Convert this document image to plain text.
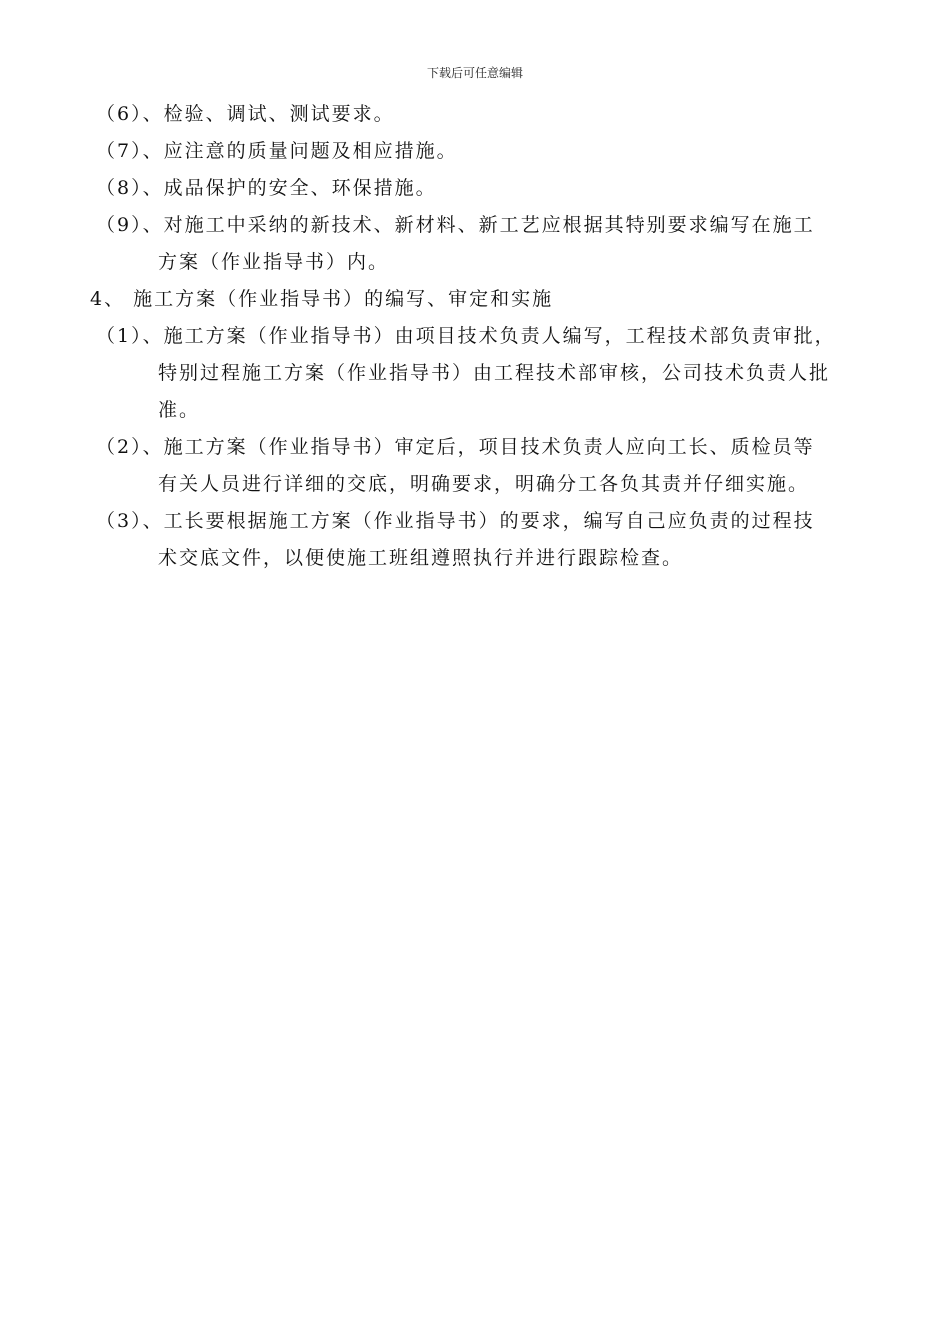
下载后可任意编辑
（6）、检验、调试、测试要求。
（7）、应注意的质量问题及相应措施。
（8）、成品保护的安全、环保措施。
（9）、对施工中采纳的新技术、新材料、新工艺应根据其特别要求编写在施工
方案（作业指导书）内。
4、 施工方案（作业指导书）的编写、审定和实施
（1）、施工方案（作业指导书）由项目技术负责人编写，工程技术部负责审批，
特别过程施工方案（作业指导书）由工程技术部审核，公司技术负责人批
准。
（2）、施工方案（作业指导书）审定后，项目技术负责人应向工长、质检员等
有关人员进行详细的交底，明确要求，明确分工各负其责并仔细实施。
（3）、工长要根据施工方案（作业指导书）的要求，编写自己应负责的过程技
术交底文件，以便使施工班组遵照执行并进行跟踪检查。
